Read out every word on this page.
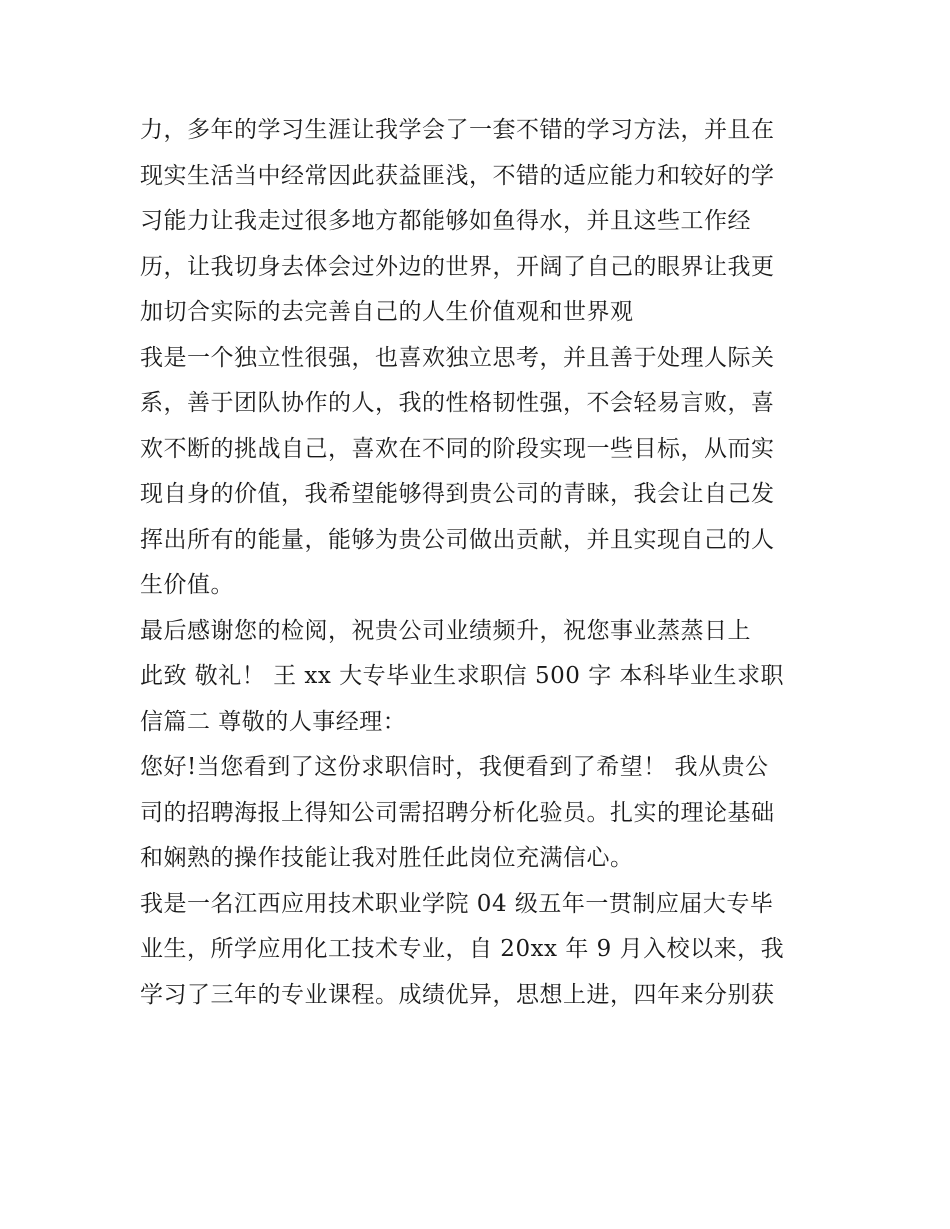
力，多年的学习生涯让我学会了一套不错的学习方法，并且在
现实生活当中经常因此获益匪浅，不错的适应能力和较好的学
习能力让我走过很多地方都能够如鱼得水，并且这些工作经
历，让我切身去体会过外边的世界，开阔了自己的眼界让我更
加切合实际的去完善自己的人生价值观和世界观
我是一个独立性很强，也喜欢独立思考，并且善于处理人际关
系，善于团队协作的人，我的性格韧性强，不会轻易言败，喜
欢不断的挑战自己，喜欢在不同的阶段实现一些目标，从而实
现自身的价值，我希望能够得到贵公司的青睐，我会让自己发
挥出所有的能量，能够为贵公司做出贡献，并且实现自己的人
生价值。
最后感谢您的检阅，祝贵公司业绩频升，祝您事业蒸蒸日上
此致 敬礼！ 王 xx 大专毕业生求职信 500 字 本科毕业生求职
信篇二 尊敬的人事经理：
您好!当您看到了这份求职信时，我便看到了希望！ 我从贵公
司的招聘海报上得知公司需招聘分析化验员。扎实的理论基础
和娴熟的操作技能让我对胜任此岗位充满信心。
我是一名江西应用技术职业学院 04 级五年一贯制应届大专毕
业生，所学应用化工技术专业，自 20xx 年 9 月入校以来，我
学习了三年的专业课程。成绩优异，思想上进，四年来分别获
